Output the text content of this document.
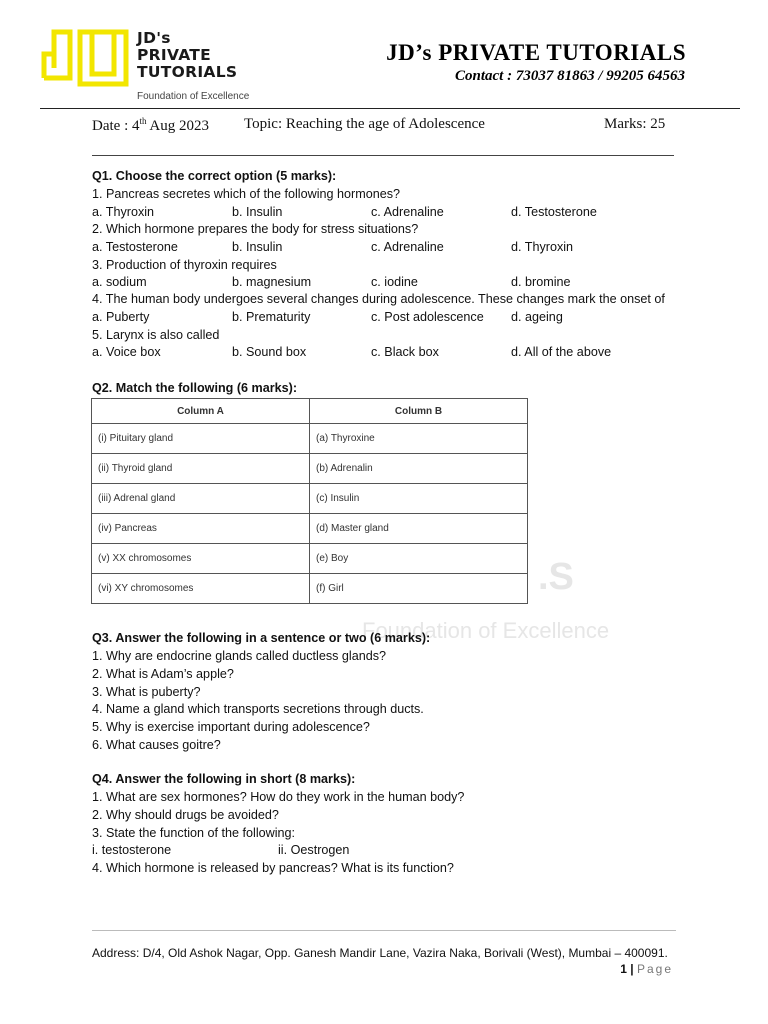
JD's
PRIVATE
TUTORIALS
Foundation of Excellence
JD’s PRIVATE TUTORIALS
Contact : 73037 81863 / 99205 64563
Date : 4th Aug 2023 Topic: Reaching the age of Adolescence	Marks: 25
Q1. Choose the correct option (5 marks):
1. Pancreas secretes which of the following hormones?
a. Thyroxin	b. Insulin	c. Adrenaline	d. Testosterone
2. Which hormone prepares the body for stress situations?
a. Testosterone	b. Insulin	c. Adrenaline	d. Thyroxin
3. Production of thyroxin requires
a. sodium	b. magnesium	c. iodine	d. bromine
4. The human body undergoes several changes during adolescence. These changes mark the onset of
a. Puberty	b. Prematurity	c. Post adolescence d. ageing
5. Larynx is also called
a. Voice box	b. Sound box	c. Black box	d. All of the above
Q2. Match the following (6 marks):
.S
Foundation of Excellence
Column A	Column B
(i) Pituitary gland	(a) Thyroxine
(ii) Thyroid gland	(b) Adrenalin
(iii) Adrenal gland	(c) Insulin
(iv) Pancreas	(d) Master gland
(v) XX chromosomes	(e) Boy
(vi) XY chromosomes	(f) Girl
Q3. Answer the following in a sentence or two (6 marks):
1. Why are endocrine glands called ductless glands?
2. What is Adam’s apple?
3. What is puberty?
4. Name a gland which transports secretions through ducts.
5. Why is exercise important during adolescence?
6. What causes goitre?
Q4. Answer the following in short (8 marks):
1. What are sex hormones? How do they work in the human body?
2. Why should drugs be avoided?
3. State the function of the following:
i. testosterone	ii. Oestrogen
4. Which hormone is released by pancreas? What is its function?
Address: D/4, Old Ashok Nagar, Opp. Ganesh Mandir Lane, Vazira Naka, Borivali (West), Mumbai – 400091.
1 | Page
